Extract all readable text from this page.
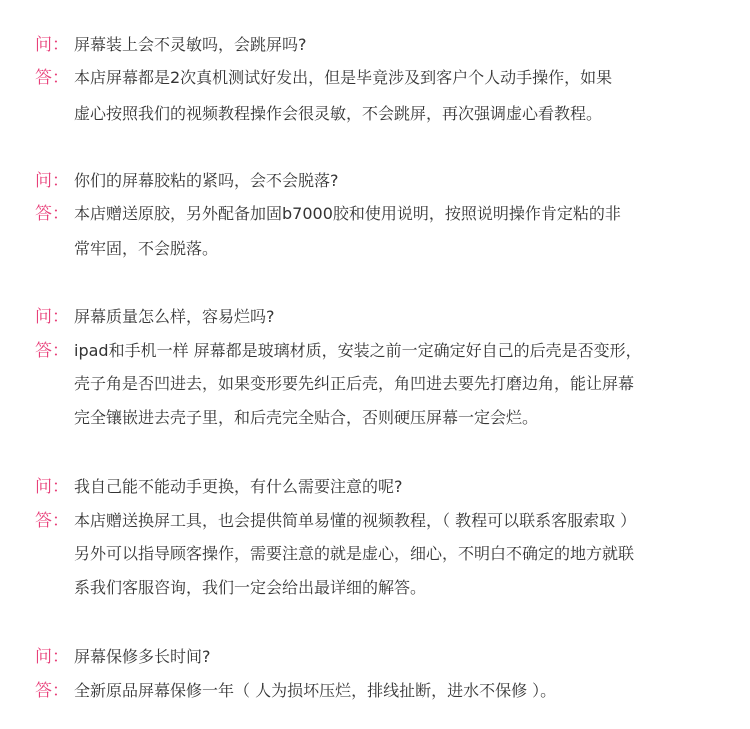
问： 屏幕装上会不灵敏吗，会跳屏吗?
答： 本店屏幕都是2次真机测试好发出，但是毕竟涉及到客户个人动手操作，如果
虚心按照我们的视频教程操作会很灵敏，不会跳屏，再次强调虚心看教程。
问： 你们的屏幕胶粘的紧吗，会不会脱落?
答： 本店赠送原胶，另外配备加固b7000胶和使用说明，按照说明操作肯定粘的非
常牢固，不会脱落。
问： 屏幕质量怎么样，容易烂吗?
答： ipad和手机一样 屏幕都是玻璃材质，安装之前一定确定好自己的后壳是否变形，
壳子角是否凹进去，如果变形要先纠正后壳，角凹进去要先打磨边角，能让屏幕
完全镶嵌进去壳子里，和后壳完全贴合，否则硬压屏幕一定会烂。
问： 我自己能不能动手更换，有什么需要注意的呢?
答： 本店赠送换屏工具，也会提供简单易懂的视频教程，（ 教程可以联系客服索取 ）
另外可以指导顾客操作，需要注意的就是虚心，细心，不明白不确定的地方就联
系我们客服咨询，我们一定会给出最详细的解答。
问： 屏幕保修多长时间?
答： 全新原品屏幕保修一年（ 人为损坏压烂，排线扯断，进水不保修 ）。
